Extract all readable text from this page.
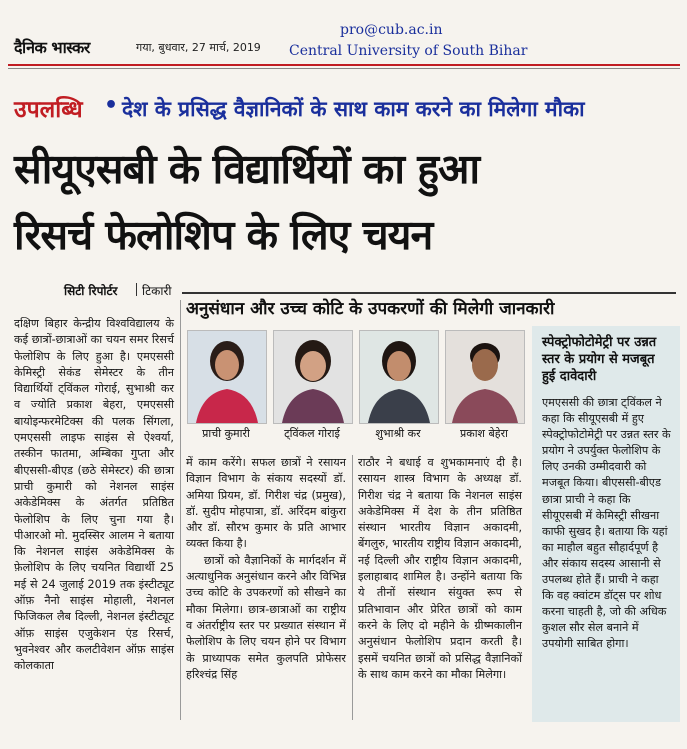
दैनिक भास्कर	गया, बुधवार, 27 मार्च, 2019
pro@cub.ac.in
Central University of South Bihar
उपलब्धि • देश के प्रसिद्ध वैज्ञानिकों के साथ काम करने का मिलेगा मौका
सीयूएसबी के विद्यार्थियों का हुआ
रिसर्च फेलोशिप के लिए चयन
सिटी रिपोर्टर टिकारी
अनुसंधान और उच्च कोटि के उपकरणों की मिलेगी जानकारी

दक्षिण बिहार केन्द्रीय विश्वविद्यालय के कई छात्रों-छात्राओं का चयन समर रिसर्च फेलोशिप के लिए हुआ है। एमएससी केमिस्ट्री सेकंड सेमेस्टर के तीन विद्यार्थियों ट्विंकल गोराई, सुभाश्री कर व ज्योति प्रकाश बेहरा, एमएससी बायोइन्फरमेटिक्स की पलक सिंगला, एमएससी लाइफ साइंस से ऐश्वर्या, तस्कीन फातमा, अम्बिका गुप्ता और बीएससी-बीएड (छठे सेमेस्टर) की छात्रा प्राची कुमारी को नेशनल साइंस अकेडेमिक्स के अंतर्गत प्रतिष्ठित फेलोशिप के लिए चुना गया है। पीआरओ मो. मुदस्सिर आलम ने बताया कि नेशनल साइंस अकेडेमिक्स के फ़ेलोशिप के लिए चयनित विद्यार्थी 25 मई से 24 जुलाई 2019 तक इंस्टीट्यूट ऑफ़ नैनो साइंस मोहाली, नेशनल फिजिकल लैब दिल्ली, नेशनल इंस्टीट्यूट ऑफ़ साइंस एजुकेशन एंड रिसर्च, भुवनेश्वर और कलटीवेशन ऑफ़ साइंस कोलकाता

प्राची कुमारी	ट्विंकल गोराई	शुभाश्री कर	प्रकाश बेहेरा

में काम करेंगे। सफल छात्रों ने रसायन विज्ञान विभाग के संकाय सदस्यों डॉ. अमिया प्रियम, डॉ. गिरीश चंद्र (प्रमुख), डॉ. सुदीप मोहपात्रा, डॉ. अरिंदम बांकुरा और डॉ. सौरभ कुमार के प्रति आभार व्यक्त किया है।

छात्रों को वैज्ञानिकों के मार्गदर्शन में अत्याधुनिक अनुसंधान करने और विभिन्न उच्च कोटि के उपकरणों को सीखने का मौका मिलेगा। छात्र-छात्राओं का राष्ट्रीय व अंतर्राष्ट्रीय स्तर पर प्रख्यात संस्थान में फेलोशिप के लिए चयन होने पर विभाग के प्राध्यापक समेत कुलपति प्रोफेसर हरिश्चंद्र सिंह

राठौर ने बधाई व शुभकामनाएं दी है। रसायन शास्त्र विभाग के अध्यक्ष डॉ. गिरीश चंद्र ने बताया कि नेशनल साइंस अकेडेमिक्स में देश के तीन प्रतिष्ठित संस्थान भारतीय विज्ञान अकादमी, बेंगलुरु, भारतीय राष्ट्रीय विज्ञान अकादमी, नई दिल्ली और राष्ट्रीय विज्ञान अकादमी, इलाहाबाद शामिल है। उन्होंने बताया कि ये तीनों संस्थान संयुक्त रूप से प्रतिभावान और प्रेरित छात्रों को काम करने के लिए दो महीने के ग्रीष्मकालीन अनुसंधान फेलोशिप प्रदान करती है। इसमें चयनित छात्रों को प्रसिद्ध वैज्ञानिकों के साथ काम करने का मौका मिलेगा।

स्पेक्ट्रोफोटोमेट्री पर उन्नत स्तर के प्रयोग से मजबूत हुई दावेदारी

एमएससी की छात्रा ट्विंकल ने कहा कि सीयूएसबी में हुए स्पेक्ट्रोफोटोमेट्री पर उन्नत स्तर के प्रयोग ने उपर्युक्त फेलोशिप के लिए उनकी उम्मीदवारी को मजबूत किया। बीएससी-बीएड छात्रा प्राची ने कहा कि सीयूएसबी में केमिस्ट्री सीखना काफी सुखद है। बताया कि यहां का माहौल बहुत सौहार्दपूर्ण है और संकाय सदस्य आसानी से उपलब्ध होते हैं। प्राची ने कहा कि वह क्वांटम डॉट्स पर शोध करना चाहती है, जो की अधिक कुशल सौर सेल बनाने में उपयोगी साबित होगा।
